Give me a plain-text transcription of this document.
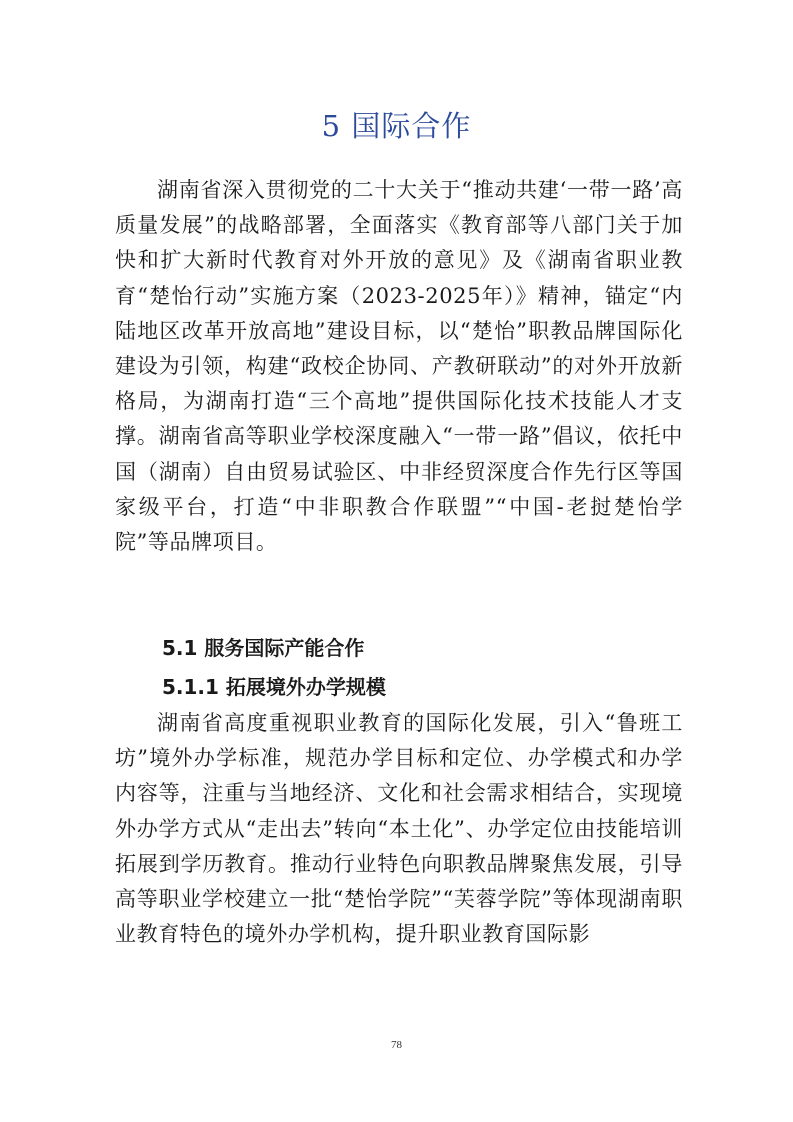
5 国际合作

湖南省深入贯彻党的二十大关于“推动共建‘一带一路’高质量发展”的战略部署，全面落实《教育部等八部门关于加快和扩大新时代教育对外开放的意见》及《湖南省职业教育“楚怡行动”实施方案（2023-2025年）》精神，锚定“内陆地区改革开放高地”建设目标，以“楚怡”职教品牌国际化建设为引领，构建“政校企协同、产教研联动”的对外开放新格局，为湖南打造“三个高地”提供国际化技术技能人才支撑。湖南省高等职业学校深度融入“一带一路”倡议，依托中国（湖南）自由贸易试验区、中非经贸深度合作先行区等国家级平台，打造“中非职教合作联盟”“中国-老挝楚怡学院”等品牌项目。

5.1 服务国际产能合作
5.1.1 拓展境外办学规模

湖南省高度重视职业教育的国际化发展，引入“鲁班工坊”境外办学标准，规范办学目标和定位、办学模式和办学内容等，注重与当地经济、文化和社会需求相结合，实现境外办学方式从“走出去”转向“本土化”、办学定位由技能培训拓展到学历教育。推动行业特色向职教品牌聚焦发展，引导高等职业学校建立一批“楚怡学院”“芙蓉学院”等体现湖南职业教育特色的境外办学机构，提升职业教育国际影

78
